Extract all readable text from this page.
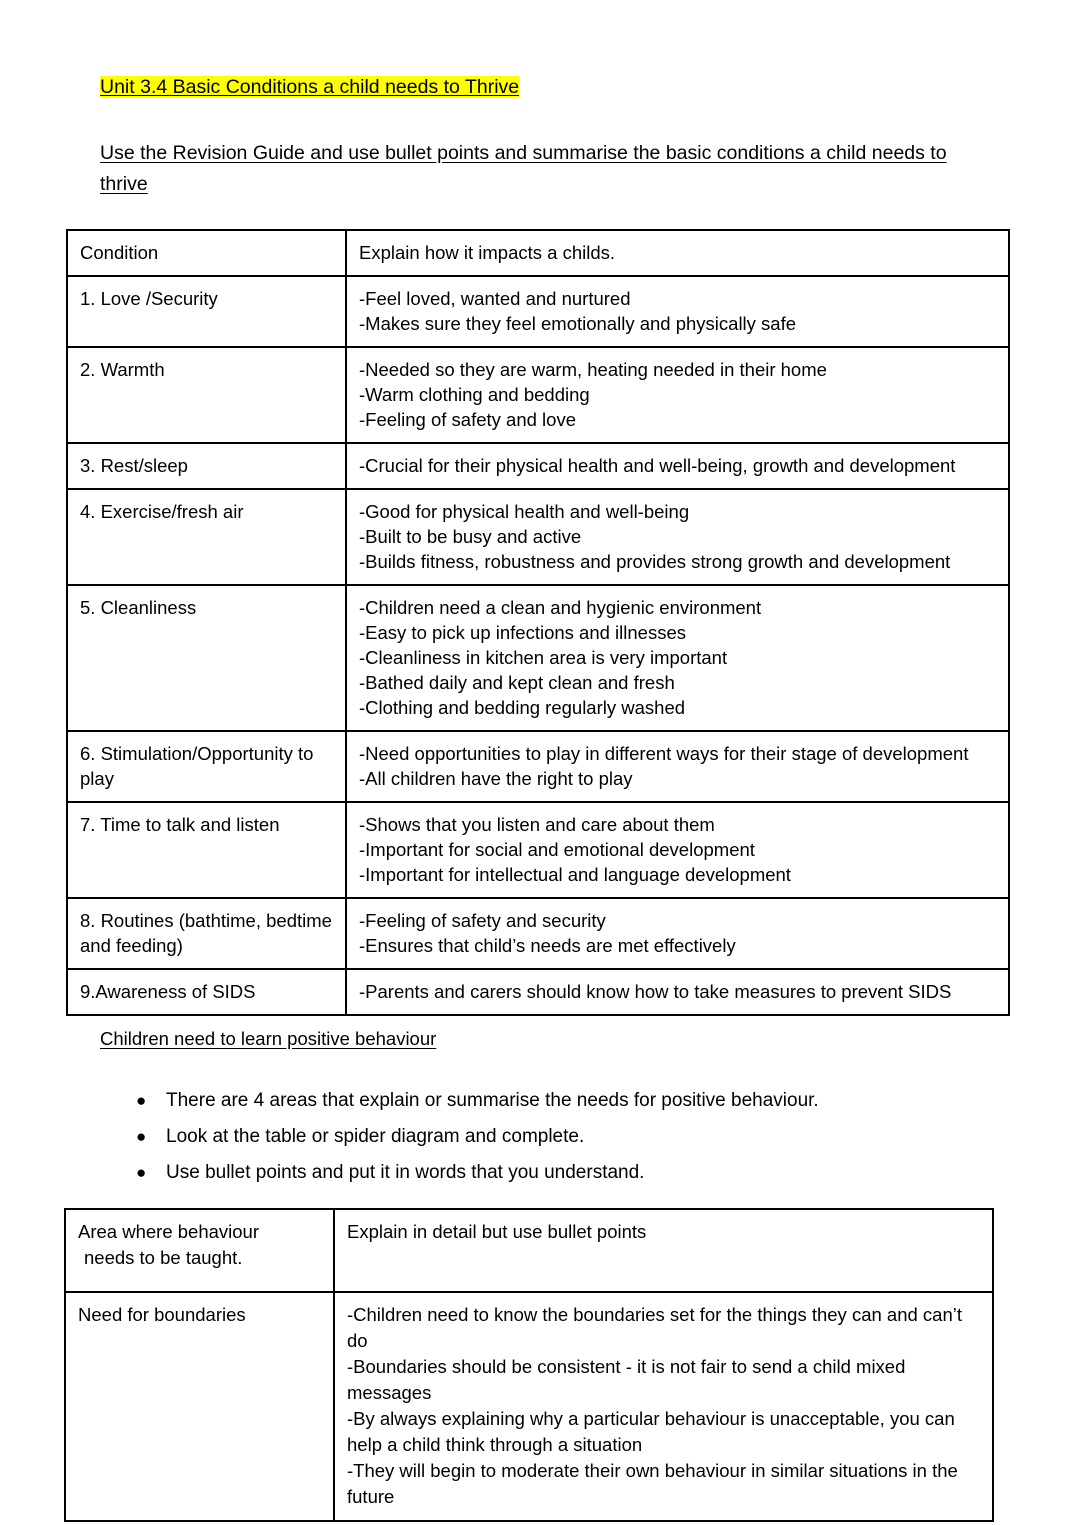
Unit 3.4 Basic Conditions a child needs to Thrive
Use the Revision Guide and use bullet points and summarise the basic conditions a child needs to thrive
Condition	Explain how it impacts a childs.
1. Love /Security	-Feel loved, wanted and nurtured
-Makes sure they feel emotionally and physically safe

2. Warmth	-Needed so they are warm, heating needed in their home
-Warm clothing and bedding
-Feeling of safety and love

3. Rest/sleep	-Crucial for their physical health and well-being, growth and development

4. Exercise/fresh air	-Good for physical health and well-being
-Built to be busy and active
-Builds fitness, robustness and provides strong growth and development

5. Cleanliness	-Children need a clean and hygienic environment
-Easy to pick up infections and illnesses
-Cleanliness in kitchen area is very important
-Bathed daily and kept clean and fresh
-Clothing and bedding regularly washed

6. Stimulation/Opportunity to play	-Need opportunities to play in different ways for their stage of development
-All children have the right to play

7. Time to talk and listen	-Shows that you listen and care about them
-Important for social and emotional development
-Important for intellectual and language development

8. Routines (bathtime, bedtime and feeding)	-Feeling of safety and security
-Ensures that child’s needs are met effectively

9.Awareness of SIDS	-Parents and carers should know how to take measures to prevent SIDS
Children need to learn positive behaviour
●	There are 4 areas that explain or summarise the needs for positive behaviour.
●	Look at the table or spider diagram and complete.
●	Use bullet points and put it in words that you understand.
Area where behaviour
needs to be taught.	Explain in detail but use bullet points
Need for boundaries	-Children need to know the boundaries set for the things they can and can’t do
-Boundaries should be consistent - it is not fair to send a child mixed messages
-By always explaining why a particular behaviour is unacceptable, you can help a child think through a situation
-They will begin to moderate their own behaviour in similar situations in the future
